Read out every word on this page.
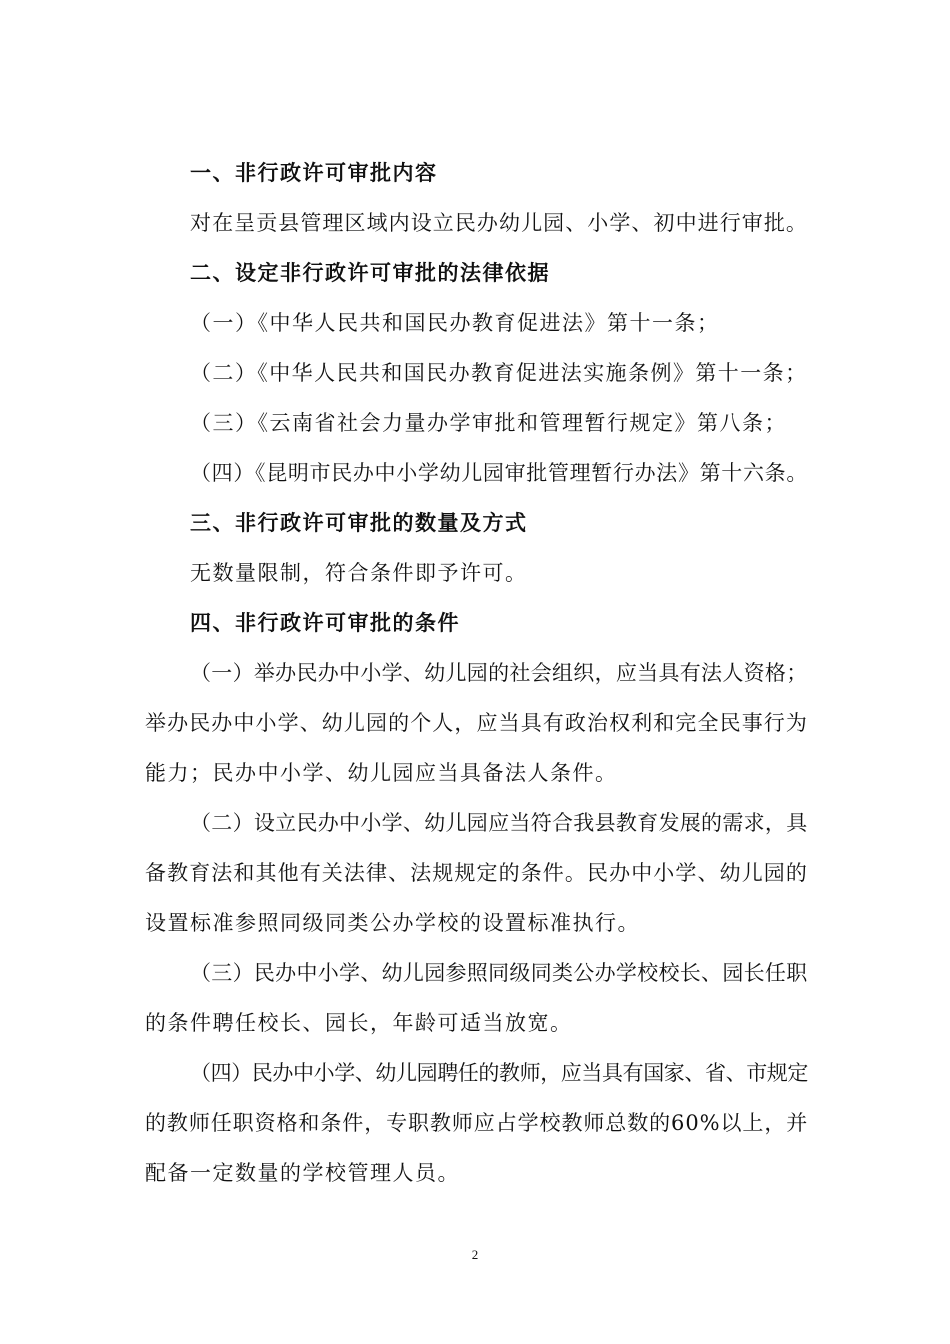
一、非行政许可审批内容
对在呈贡县管理区域内设立民办幼儿园、小学、初中进行审批。
二、设定非行政许可审批的法律依据
（一）《中华人民共和国民办教育促进法》第十一条；
（二）《中华人民共和国民办教育促进法实施条例》第十一条；
（三）《云南省社会力量办学审批和管理暂行规定》第八条；
（四）《昆明市民办中小学幼儿园审批管理暂行办法》第十六条。
三、非行政许可审批的数量及方式
无数量限制，符合条件即予许可。
四、非行政许可审批的条件
（一）举办民办中小学、幼儿园的社会组织，应当具有法人资格；
举办民办中小学、幼儿园的个人，应当具有政治权利和完全民事行为
能力；民办中小学、幼儿园应当具备法人条件。
（二）设立民办中小学、幼儿园应当符合我县教育发展的需求，具
备教育法和其他有关法律、法规规定的条件。民办中小学、幼儿园的
设置标准参照同级同类公办学校的设置标准执行。
（三）民办中小学、幼儿园参照同级同类公办学校校长、园长任职
的条件聘任校长、园长，年龄可适当放宽。
（四）民办中小学、幼儿园聘任的教师，应当具有国家、省、市规定
的教师任职资格和条件，专职教师应占学校教师总数的60%以上，并
配备一定数量的学校管理人员。
2
